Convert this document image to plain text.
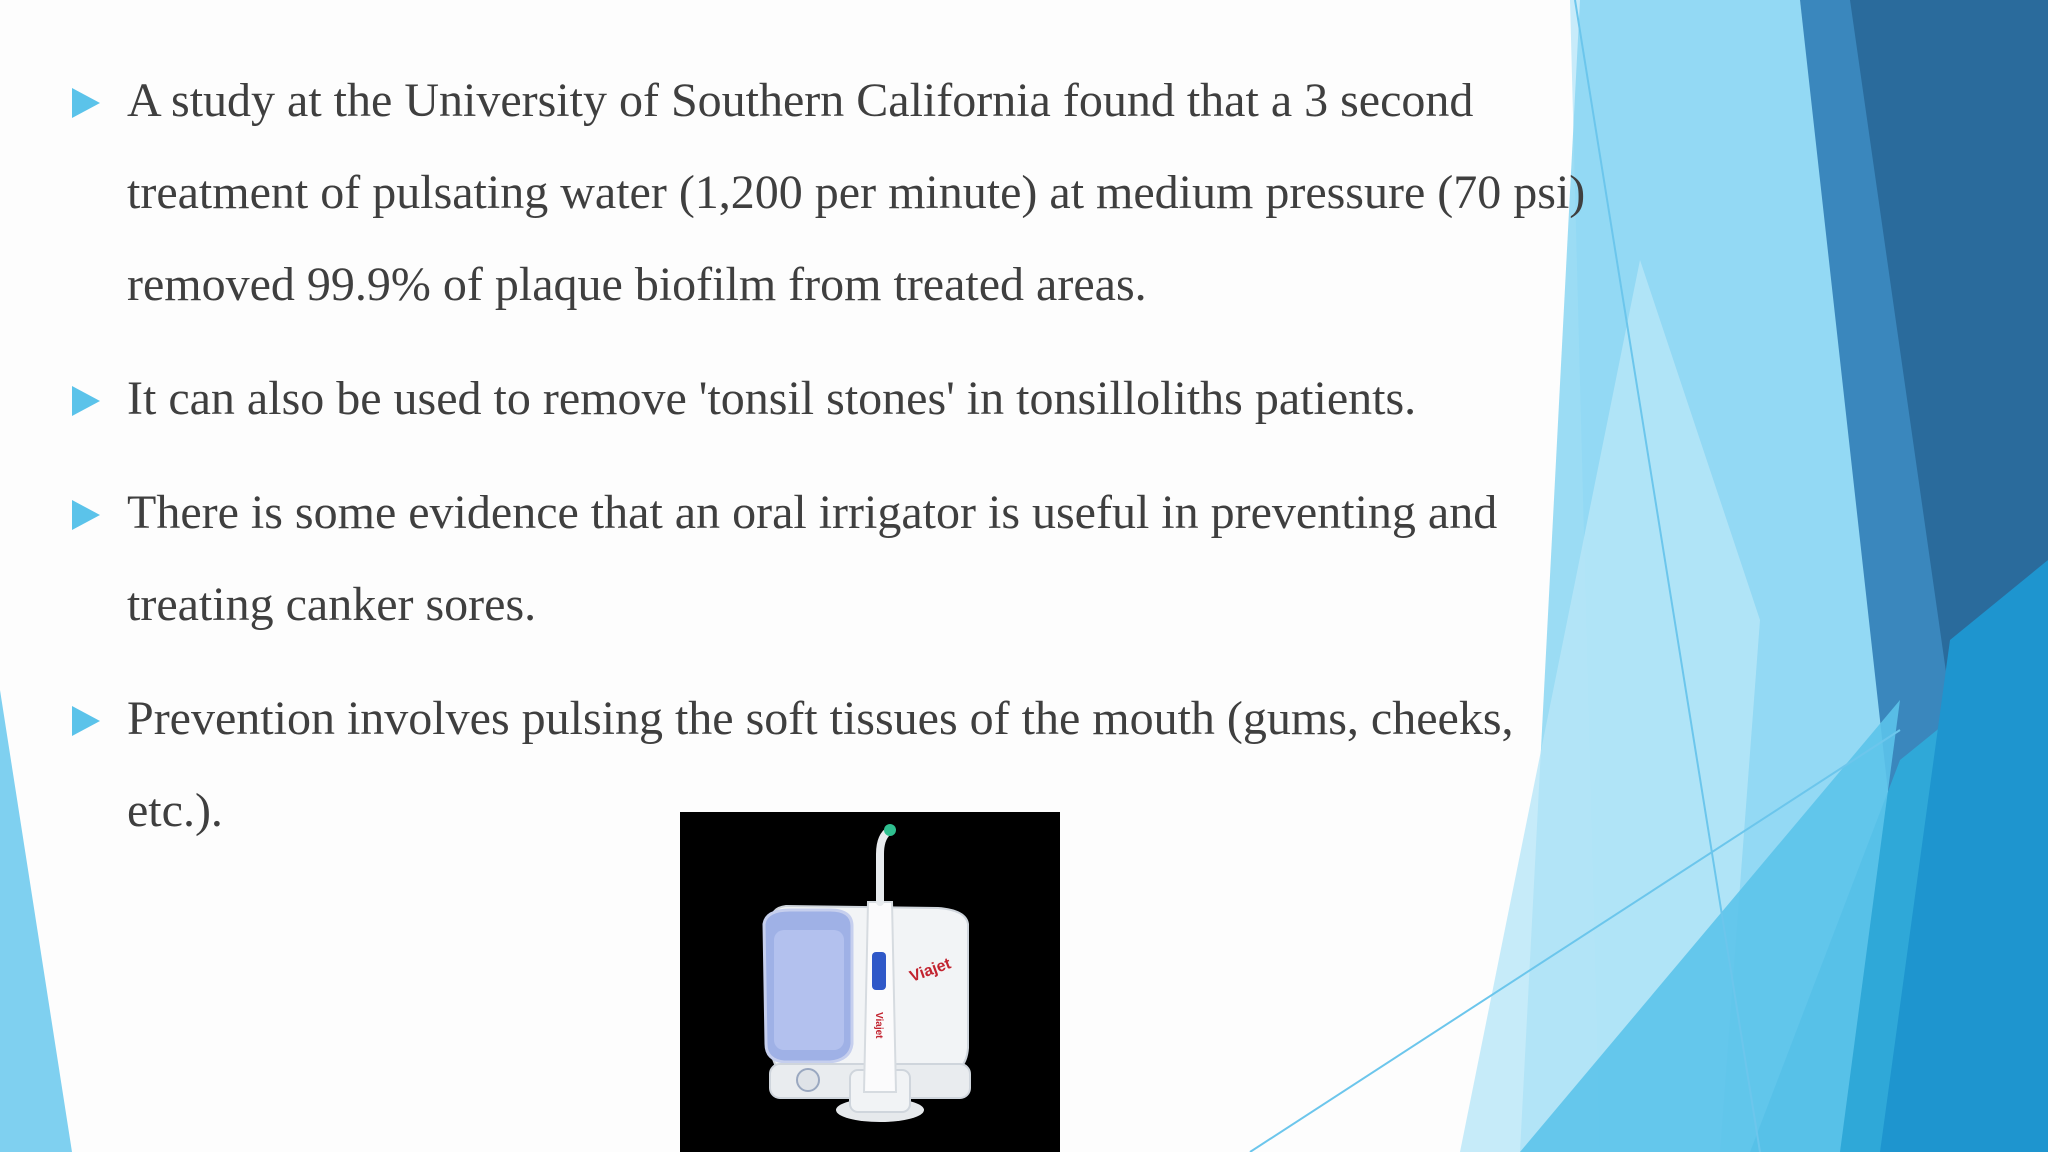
A study at the University of Southern California found that a 3 second treatment of pulsating water (1,200 per minute) at medium pressure (70 psi) removed 99.9% of plaque biofilm from treated areas.
It can also be used to remove 'tonsil stones' in tonsilloliths patients.
There is some evidence that an oral irrigator is useful in preventing and treating canker sores.
Prevention involves pulsing the soft tissues of the mouth (gums, cheeks, etc.).
Viajet
Viajet
